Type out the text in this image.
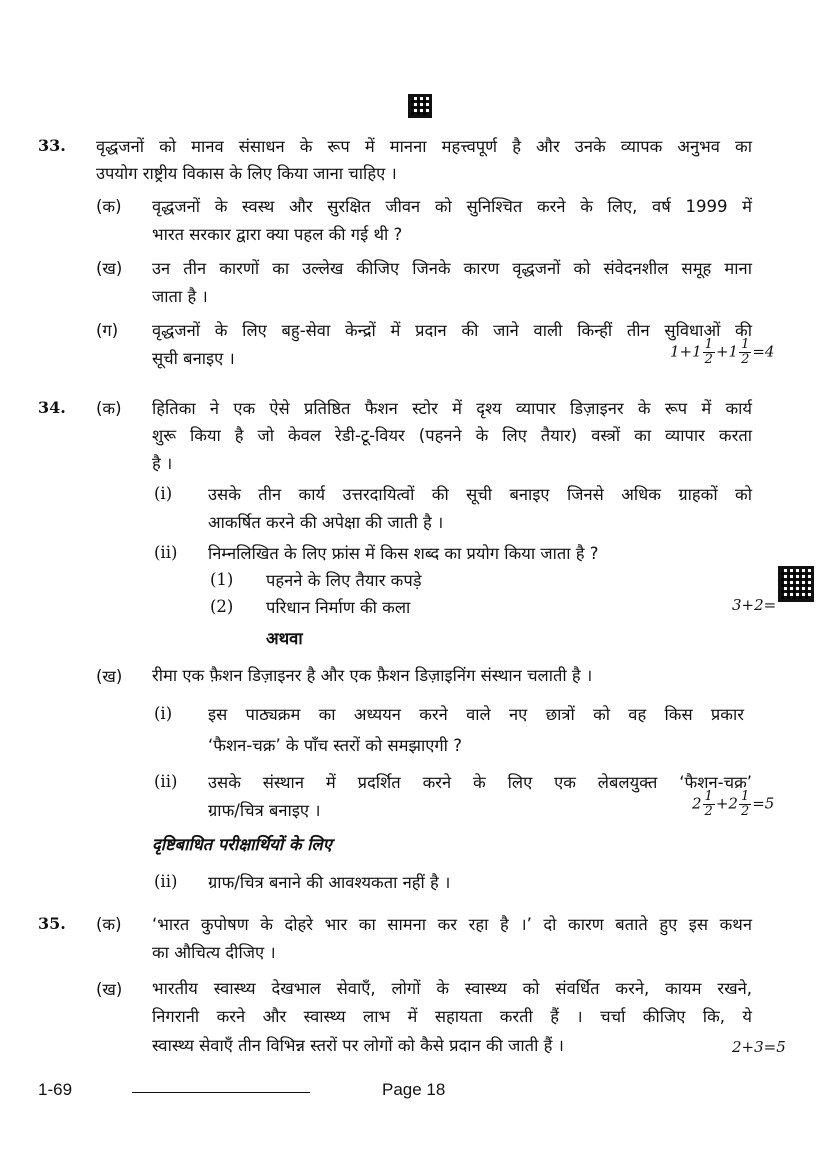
33. वृद्धजनों को मानव संसाधन के रूप में मानना महत्त्वपूर्ण है और उनके व्यापक अनुभव का
उपयोग राष्ट्रीय विकास के लिए किया जाना चाहिए ।
(क) वृद्धजनों के स्वस्थ और सुरक्षित जीवन को सुनिश्चित करने के लिए, वर्ष 1999 में
भारत सरकार द्वारा क्या पहल की गई थी ?
(ख) उन तीन कारणों का उल्लेख कीजिए जिनके कारण वृद्धजनों को संवेदनशील समूह माना
जाता है ।
(ग) वृद्धजनों के लिए बहु-सेवा केन्द्रों में प्रदान की जाने वाली किन्हीं तीन सुविधाओं की
सूची बनाइए ।	$1+1 \frac{1}{2} +1 \frac{1}{2} =4$
34. (क) हितिका ने एक ऐसे प्रतिष्ठित फैशन स्टोर में दृश्य व्यापार डिज़ाइनर के रूप में कार्य
शुरू किया है जो केवल रेडी-टू-वियर (पहनने के लिए तैयार) वस्त्रों का व्यापार करता
है ।
(i) उसके तीन कार्य उत्तरदायित्वों की सूची बनाइए जिनसे अधिक ग्राहकों को
आकर्षित करने की अपेक्षा की जाती है ।
(ii) निम्नलिखित के लिए फ्रांस में किस शब्द का प्रयोग किया जाता है ?
(1) पहनने के लिए तैयार कपड़े
(2) परिधान निर्माण की कला	3+2=
अथवा
(ख) रीमा एक फ़ैशन डिज़ाइनर है और एक फ़ैशन डिज़ाइनिंग संस्थान चलाती है ।
(i) इस पाठ्यक्रम का अध्ययन करने वाले नए छात्रों को वह किस प्रकार
‘फैशन-चक्र’ के पाँच स्तरों को समझाएगी ?
(ii) उसके संस्थान में प्रदर्शित करने के लिए एक लेबलयुक्त ‘फैशन-चक्र’
ग्राफ/चित्र बनाइए ।	$2 \frac{1}{2} +2 \frac{1}{2} =5$
दृष्टिबाधित परीक्षार्थियों के लिए
(ii) ग्राफ/चित्र बनाने की आवश्यकता नहीं है ।
35. (क) ‘भारत कुपोषण के दोहरे भार का सामना कर रहा है ।’ दो कारण बताते हुए इस कथन
का औचित्य दीजिए ।
(ख) भारतीय स्वास्थ्य देखभाल सेवाएँ, लोगों के स्वास्थ्य को संवर्धित करने, कायम रखने,
निगरानी करने और स्वास्थ्य लाभ में सहायता करती हैं । चर्चा कीजिए कि, ये
स्वास्थ्य सेवाएँ तीन विभिन्न स्तरों पर लोगों को कैसे प्रदान की जाती हैं ।	2+3=5
1-69	Page 18
